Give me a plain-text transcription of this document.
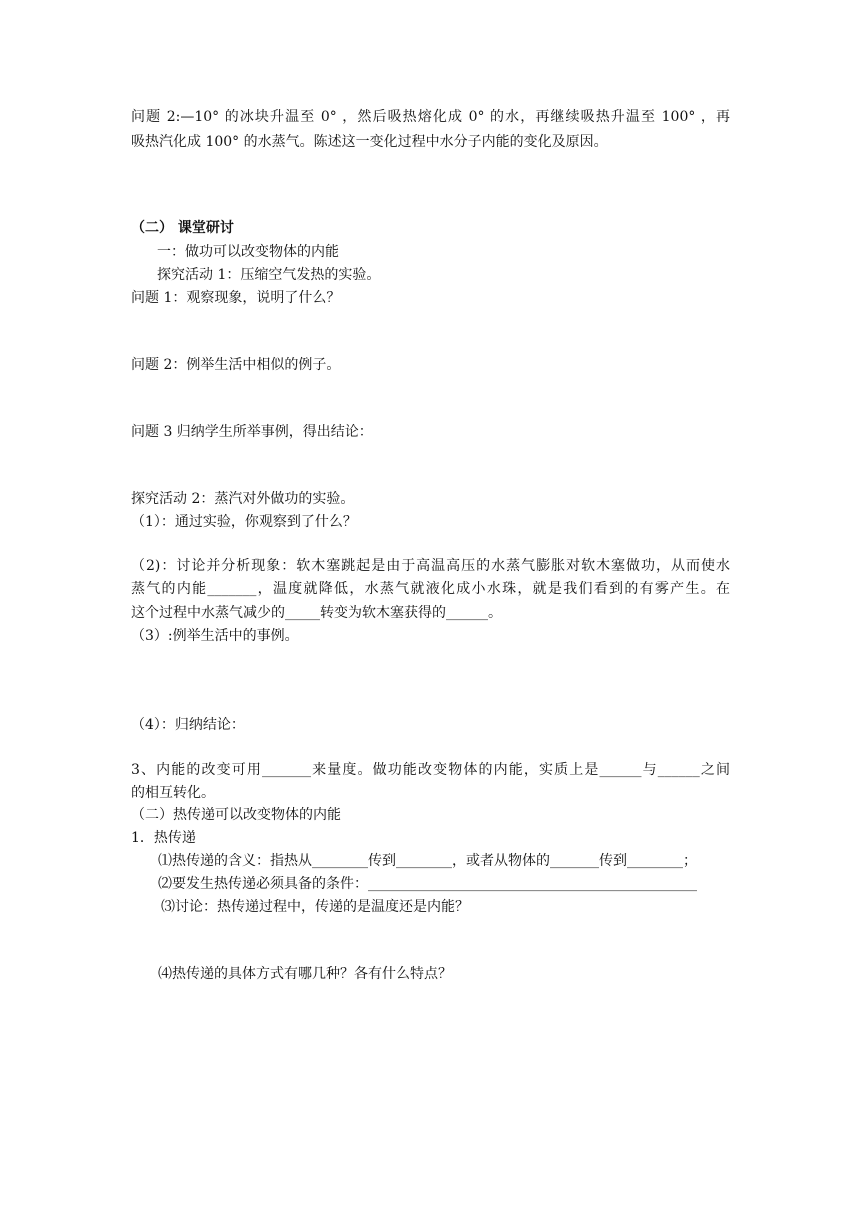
问题 2:—10° 的冰块升温至 0° ，然后吸热熔化成 0° 的水，再继续吸热升温至 100° ，再
吸热汽化成 100° 的水蒸气。陈述这一变化过程中水分子内能的变化及原因。
（二） 课堂研讨
一：做功可以改变物体的内能
探究活动 1：压缩空气发热的实验。
问题 1：观察现象，说明了什么？
问题 2：例举生活中相似的例子。
问题 3 归纳学生所举事例，得出结论：
探究活动 2：蒸汽对外做功的实验。
（1）：通过实验，你观察到了什么？
（2)：讨论并分析现象：软木塞跳起是由于高温高压的水蒸气膨胀对软木塞做功，从而使水
蒸气的内能_______，温度就降低，水蒸气就液化成小水珠，就是我们看到的有雾产生。在
这个过程中水蒸气减少的_____转变为软木塞获得的______。
（3）:例举生活中的事例。
（4）：归纳结论：
3、内能的改变可用_______来量度。做功能改变物体的内能，实质上是______与______之间
的相互转化。
（二）热传递可以改变物体的内能
1．热传递
⑴热传递的含义：指热从________传到________，或者从物体的_______传到________；
⑵要发生热传递必须具备的条件：_______________________________________________
⑶讨论：热传递过程中，传递的是温度还是内能？
⑷热传递的具体方式有哪几种？各有什么特点？
